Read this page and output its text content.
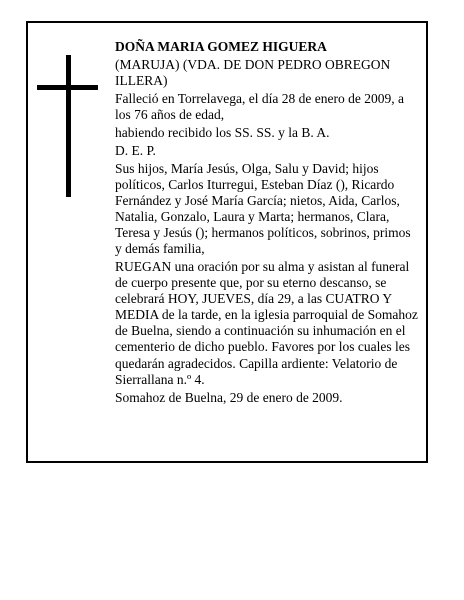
DOÑA MARIA GOMEZ HIGUERA

(MARUJA) (VDA. DE DON PEDRO OBREGON
ILLERA)

Falleció en Torrelavega, el día 28 de enero de 2009, a
los 76 años de edad,

habiendo recibido los SS. SS. y la B. A.

D. E. P.

Sus hijos, María Jesús, Olga, Salu y David; hijos
políticos, Carlos Iturregui, Esteban Díaz (), Ricardo
Fernández y José María García; nietos, Aida, Carlos,
Natalia, Gonzalo, Laura y Marta; hermanos, Clara,
Teresa y Jesús (); hermanos políticos, sobrinos, primos
y demás familia,

RUEGAN una oración por su alma y asistan al funeral
de cuerpo presente que, por su eterno descanso, se
celebrará HOY, JUEVES, día 29, a las CUATRO Y
MEDIA de la tarde, en la iglesia parroquial de Somahoz
de Buelna, siendo a continuación su inhumación en el
cementerio de dicho pueblo. Favores por los cuales les
quedarán agradecidos. Capilla ardiente: Velatorio de
Sierrallana n.º 4.

Somahoz de Buelna, 29 de enero de 2009.
